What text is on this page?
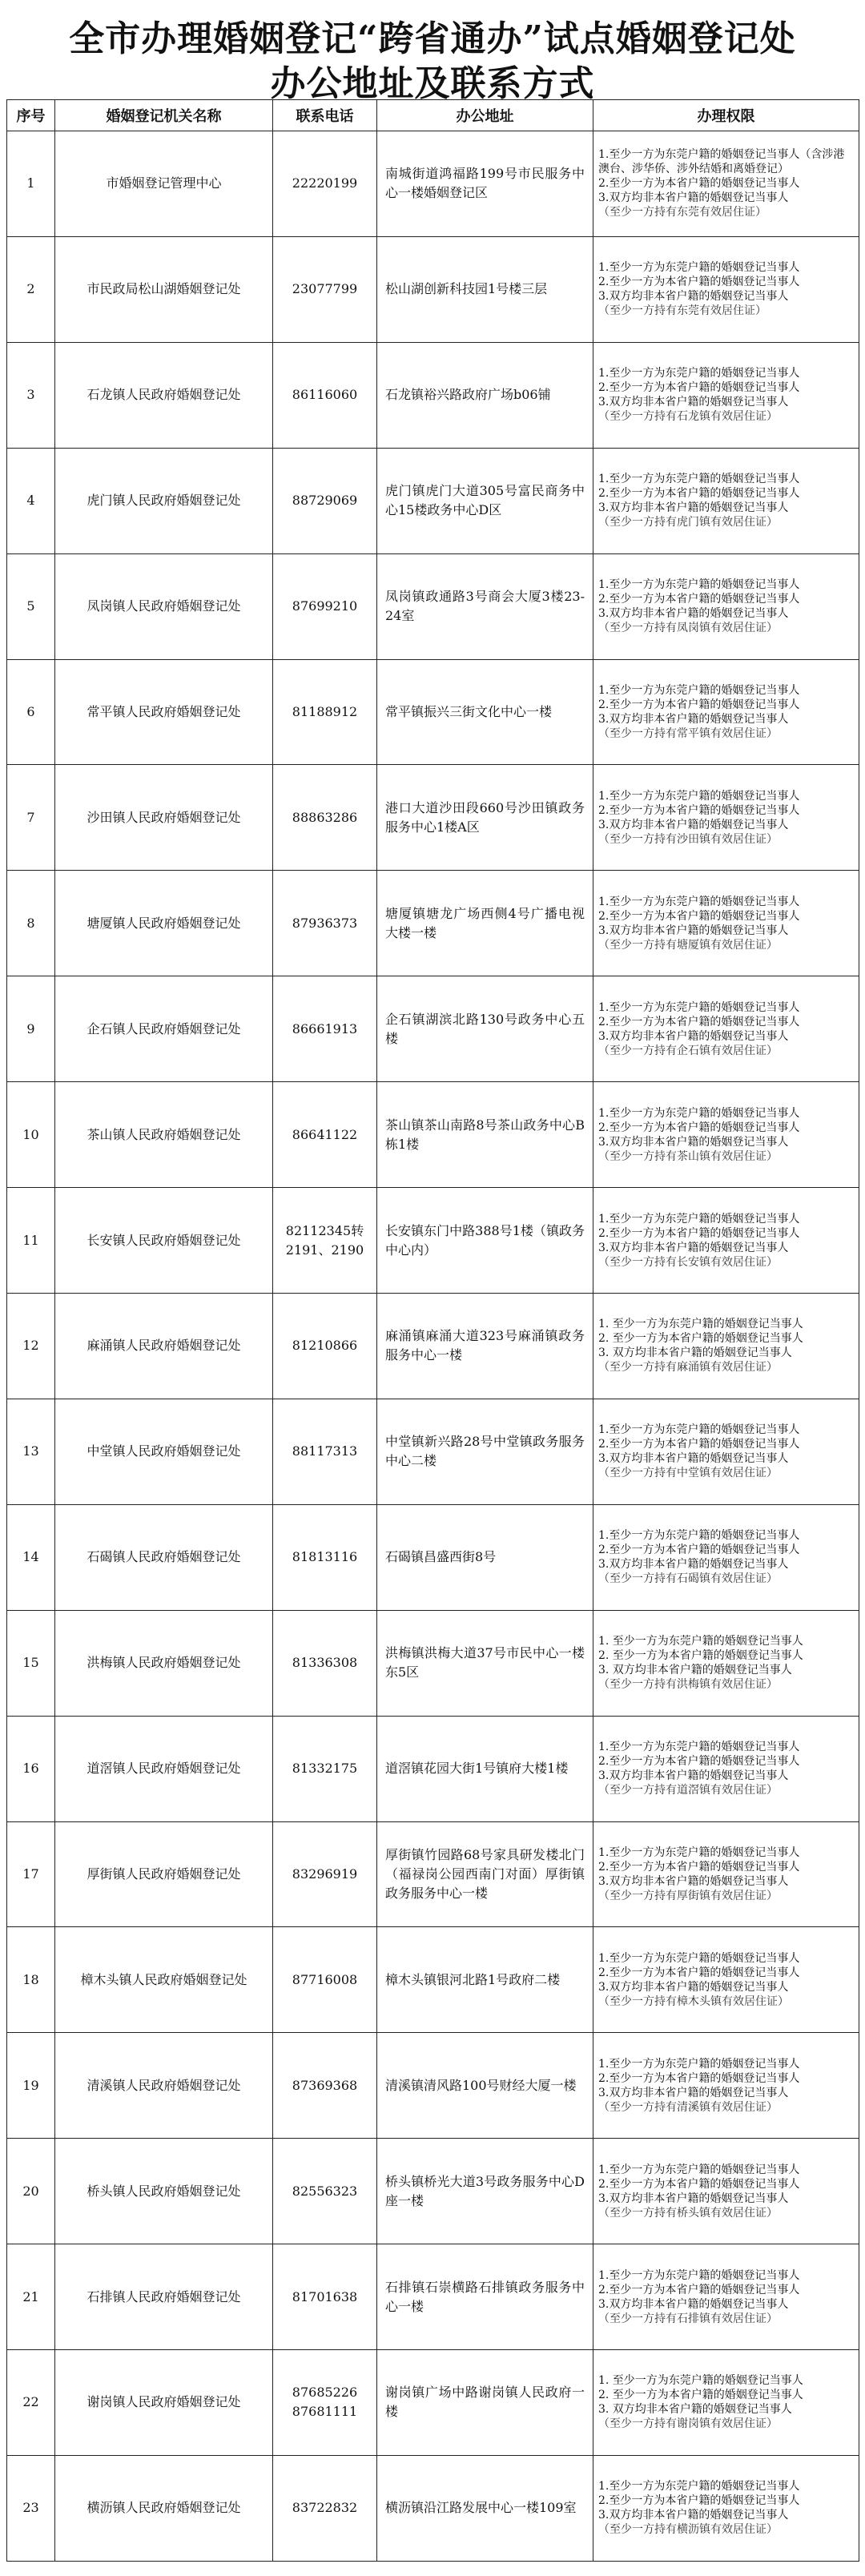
全市办理婚姻登记“跨省通办”试点婚姻登记处
办公地址及联系方式
序号	婚姻登记机关名称	联系电话	办公地址	办理权限
1	市婚姻登记管理中心	22220199	南城街道鸿福路199号市民服务中心一楼婚姻登记区	1.至少一方为东莞户籍的婚姻登记当事人（含涉港澳台、涉华侨、涉外结婚和离婚登记）
2.至少一方为本省户籍的婚姻登记当事人
3.双方均非本省户籍的婚姻登记当事人
（至少一方持有东莞有效居住证）

2	市民政局松山湖婚姻登记处	23077799	松山湖创新科技园1号楼三层	1.至少一方为东莞户籍的婚姻登记当事人
2.至少一方为本省户籍的婚姻登记当事人
3.双方均非本省户籍的婚姻登记当事人
（至少一方持有东莞有效居住证）

3	石龙镇人民政府婚姻登记处	86116060	石龙镇裕兴路政府广场b06铺	1.至少一方为东莞户籍的婚姻登记当事人
2.至少一方为本省户籍的婚姻登记当事人
3.双方均非本省户籍的婚姻登记当事人
（至少一方持有石龙镇有效居住证）

4	虎门镇人民政府婚姻登记处	88729069	虎门镇虎门大道305号富民商务中心15楼政务中心D区	1.至少一方为东莞户籍的婚姻登记当事人
2.至少一方为本省户籍的婚姻登记当事人
3.双方均非本省户籍的婚姻登记当事人
（至少一方持有虎门镇有效居住证）

5	凤岗镇人民政府婚姻登记处	87699210	凤岗镇政通路3号商会大厦3楼23-24室	1.至少一方为东莞户籍的婚姻登记当事人
2.至少一方为本省户籍的婚姻登记当事人
3.双方均非本省户籍的婚姻登记当事人
（至少一方持有凤岗镇有效居住证）

6	常平镇人民政府婚姻登记处	81188912	常平镇振兴三街文化中心一楼	1.至少一方为东莞户籍的婚姻登记当事人
2.至少一方为本省户籍的婚姻登记当事人
3.双方均非本省户籍的婚姻登记当事人
（至少一方持有常平镇有效居住证）

7	沙田镇人民政府婚姻登记处	88863286	港口大道沙田段660号沙田镇政务服务中心1楼A区	1.至少一方为东莞户籍的婚姻登记当事人
2.至少一方为本省户籍的婚姻登记当事人
3.双方均非本省户籍的婚姻登记当事人
（至少一方持有沙田镇有效居住证）

8	塘厦镇人民政府婚姻登记处	87936373	塘厦镇塘龙广场西侧4号广播电视大楼一楼	1.至少一方为东莞户籍的婚姻登记当事人
2.至少一方为本省户籍的婚姻登记当事人
3.双方均非本省户籍的婚姻登记当事人
（至少一方持有塘厦镇有效居住证）

9	企石镇人民政府婚姻登记处	86661913	企石镇湖滨北路130号政务中心五楼	1.至少一方为东莞户籍的婚姻登记当事人
2.至少一方为本省户籍的婚姻登记当事人
3.双方均非本省户籍的婚姻登记当事人
（至少一方持有企石镇有效居住证）

10	茶山镇人民政府婚姻登记处	86641122	茶山镇茶山南路8号茶山政务中心B栋1楼	1.至少一方为东莞户籍的婚姻登记当事人
2.至少一方为本省户籍的婚姻登记当事人
3.双方均非本省户籍的婚姻登记当事人
（至少一方持有茶山镇有效居住证）

11	长安镇人民政府婚姻登记处	82112345转2191、2190	长安镇东门中路388号1楼（镇政务中心内）	1.至少一方为东莞户籍的婚姻登记当事人
2.至少一方为本省户籍的婚姻登记当事人
3.双方均非本省户籍的婚姻登记当事人
（至少一方持有长安镇有效居住证）

12	麻涌镇人民政府婚姻登记处	81210866	麻涌镇麻涌大道323号麻涌镇政务服务中心一楼	1. 至少一方为东莞户籍的婚姻登记当事人
2. 至少一方为本省户籍的婚姻登记当事人
3. 双方均非本省户籍的婚姻登记当事人
（至少一方持有麻涌镇有效居住证）

13	中堂镇人民政府婚姻登记处	88117313	中堂镇新兴路28号中堂镇政务服务中心二楼	1.至少一方为东莞户籍的婚姻登记当事人
2.至少一方为本省户籍的婚姻登记当事人
3.双方均非本省户籍的婚姻登记当事人
（至少一方持有中堂镇有效居住证）

14	石碣镇人民政府婚姻登记处	81813116	石碣镇昌盛西街8号	1.至少一方为东莞户籍的婚姻登记当事人
2.至少一方为本省户籍的婚姻登记当事人
3.双方均非本省户籍的婚姻登记当事人
（至少一方持有石碣镇有效居住证）

15	洪梅镇人民政府婚姻登记处	81336308	洪梅镇洪梅大道37号市民中心一楼东5区	1. 至少一方为东莞户籍的婚姻登记当事人
2. 至少一方为本省户籍的婚姻登记当事人
3. 双方均非本省户籍的婚姻登记当事人
（至少一方持有洪梅镇有效居住证）

16	道滘镇人民政府婚姻登记处	81332175	道滘镇花园大街1号镇府大楼1楼	1.至少一方为东莞户籍的婚姻登记当事人
2.至少一方为本省户籍的婚姻登记当事人
3.双方均非本省户籍的婚姻登记当事人
（至少一方持有道滘镇有效居住证）

17	厚街镇人民政府婚姻登记处	83296919	厚街镇竹园路68号家具研发楼北门（福禄岗公园西南门对面）厚街镇政务服务中心一楼	1.至少一方为东莞户籍的婚姻登记当事人
2.至少一方为本省户籍的婚姻登记当事人
3.双方均非本省户籍的婚姻登记当事人
（至少一方持有厚街镇有效居住证）

18	樟木头镇人民政府婚姻登记处	87716008	樟木头镇银河北路1号政府二楼	1.至少一方为东莞户籍的婚姻登记当事人
2.至少一方为本省户籍的婚姻登记当事人
3.双方均非本省户籍的婚姻登记当事人
（至少一方持有樟木头镇有效居住证）

19	清溪镇人民政府婚姻登记处	87369368	清溪镇清风路100号财经大厦一楼	1.至少一方为东莞户籍的婚姻登记当事人
2.至少一方为本省户籍的婚姻登记当事人
3.双方均非本省户籍的婚姻登记当事人
（至少一方持有清溪镇有效居住证）

20	桥头镇人民政府婚姻登记处	82556323	桥头镇桥光大道3号政务服务中心D座一楼	1.至少一方为东莞户籍的婚姻登记当事人
2.至少一方为本省户籍的婚姻登记当事人
3.双方均非本省户籍的婚姻登记当事人
（至少一方持有桥头镇有效居住证）

21	石排镇人民政府婚姻登记处	81701638	石排镇石崇横路石排镇政务服务中心一楼	1.至少一方为东莞户籍的婚姻登记当事人
2.至少一方为本省户籍的婚姻登记当事人
3.双方均非本省户籍的婚姻登记当事人
（至少一方持有石排镇有效居住证）

22	谢岗镇人民政府婚姻登记处	87685226 87681111	谢岗镇广场中路谢岗镇人民政府一楼	1. 至少一方为东莞户籍的婚姻登记当事人
2. 至少一方为本省户籍的婚姻登记当事人
3. 双方均非本省户籍的婚姻登记当事人
（至少一方持有谢岗镇有效居住证）

23	横沥镇人民政府婚姻登记处	83722832	横沥镇沿江路发展中心一楼109室	1.至少一方为东莞户籍的婚姻登记当事人
2.至少一方为本省户籍的婚姻登记当事人
3.双方均非本省户籍的婚姻登记当事人
（至少一方持有横沥镇有效居住证）
